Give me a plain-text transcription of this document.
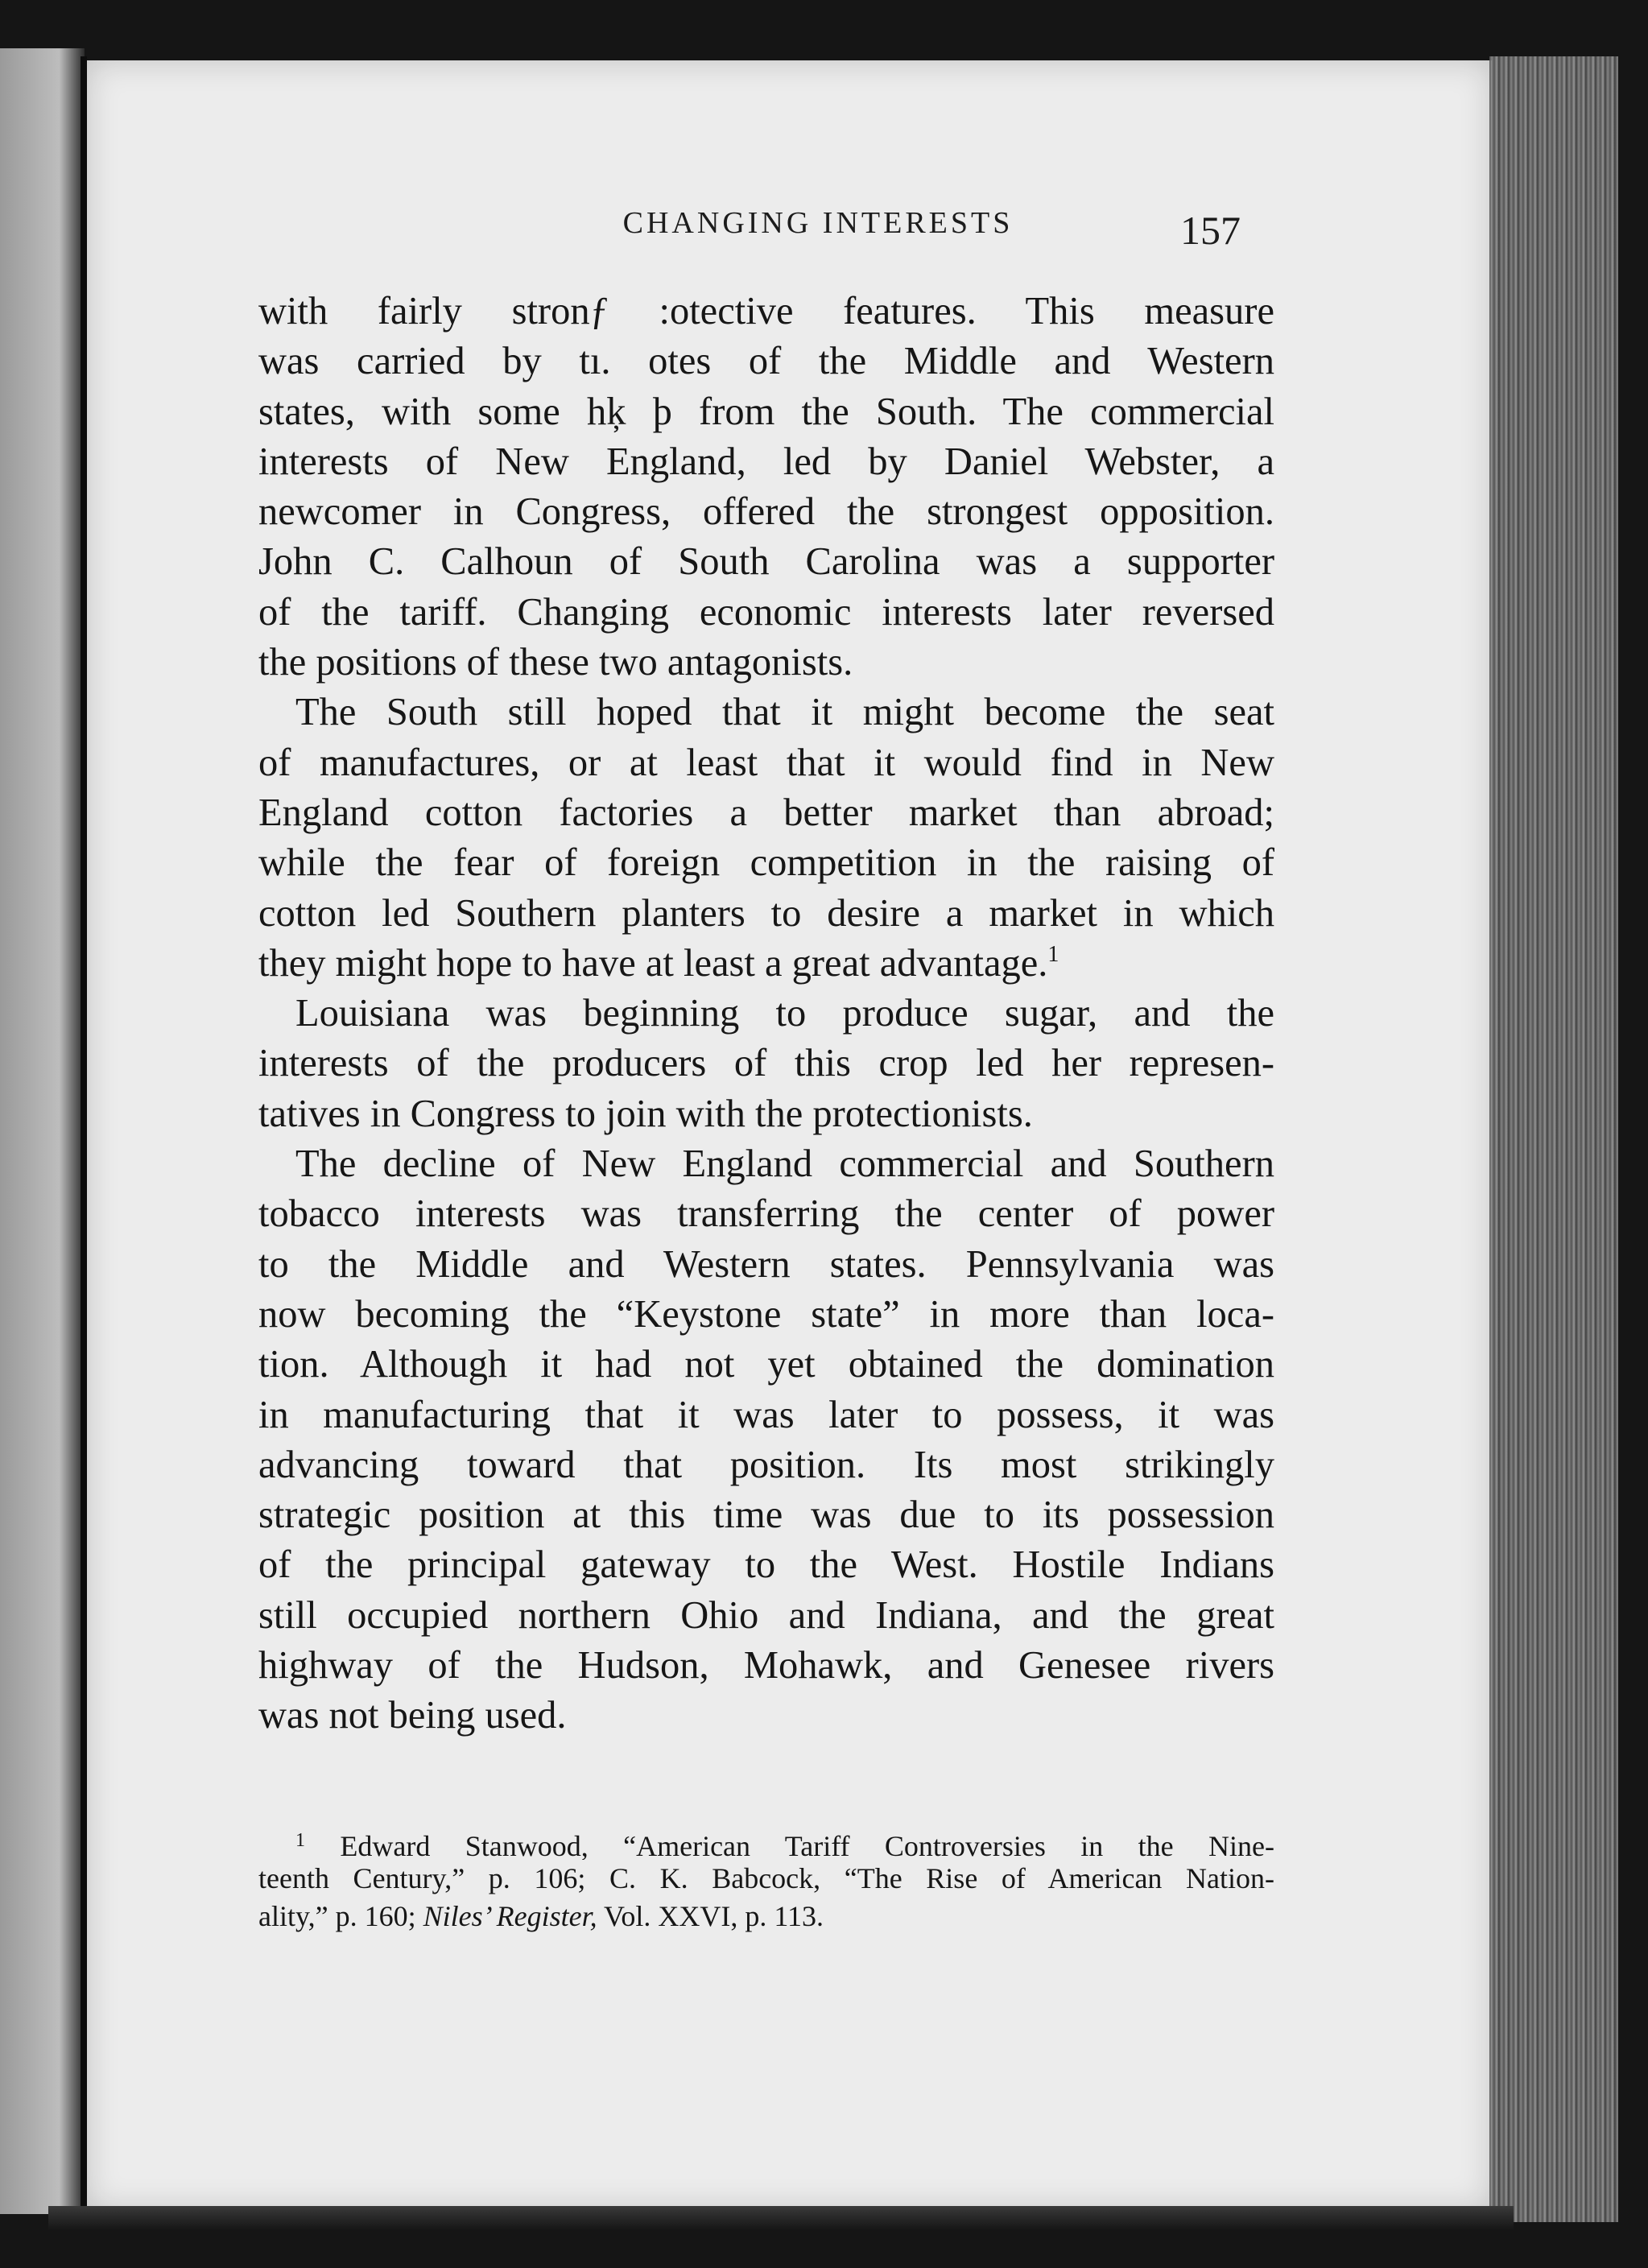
CHANGING INTERESTS	157
with fairly stronƒ :otective features. This measure
was carried by tı. otes of the Middle and Western
states, with some hķ þ from the South. The commercial
interests of New England, led by Daniel Webster, a
newcomer in Congress, offered the strongest opposition.
John C. Calhoun of South Carolina was a supporter
of the tariff. Changing economic interests later reversed
the positions of these two antagonists.
The South still hoped that it might become the seat
of manufactures, or at least that it would find in New
England cotton factories a better market than abroad;
while the fear of foreign competition in the raising of
cotton led Southern planters to desire a market in which
they might hope to have at least a great advantage.$^1$
Louisiana was beginning to produce sugar, and the
interests of the producers of this crop led her represen-
tatives in Congress to join with the protectionists.
The decline of New England commercial and Southern
tobacco interests was transferring the center of power
to the Middle and Western states. Pennsylvania was
now becoming the “Keystone state” in more than loca-
tion. Although it had not yet obtained the domination
in manufacturing that it was later to possess, it was
advancing toward that position. Its most strikingly
strategic position at this time was due to its possession
of the principal gateway to the West. Hostile Indians
still occupied northern Ohio and Indiana, and the great
highway of the Hudson, Mohawk, and Genesee rivers
was not being used.
$^1$ Edward Stanwood, “American Tariff Controversies in the Nine-
teenth Century,” p. 106; C. K. Babcock, “The Rise of American Nation-
ality,” p. 160; Niles’ Register, Vol. XXVI, p. 113.
